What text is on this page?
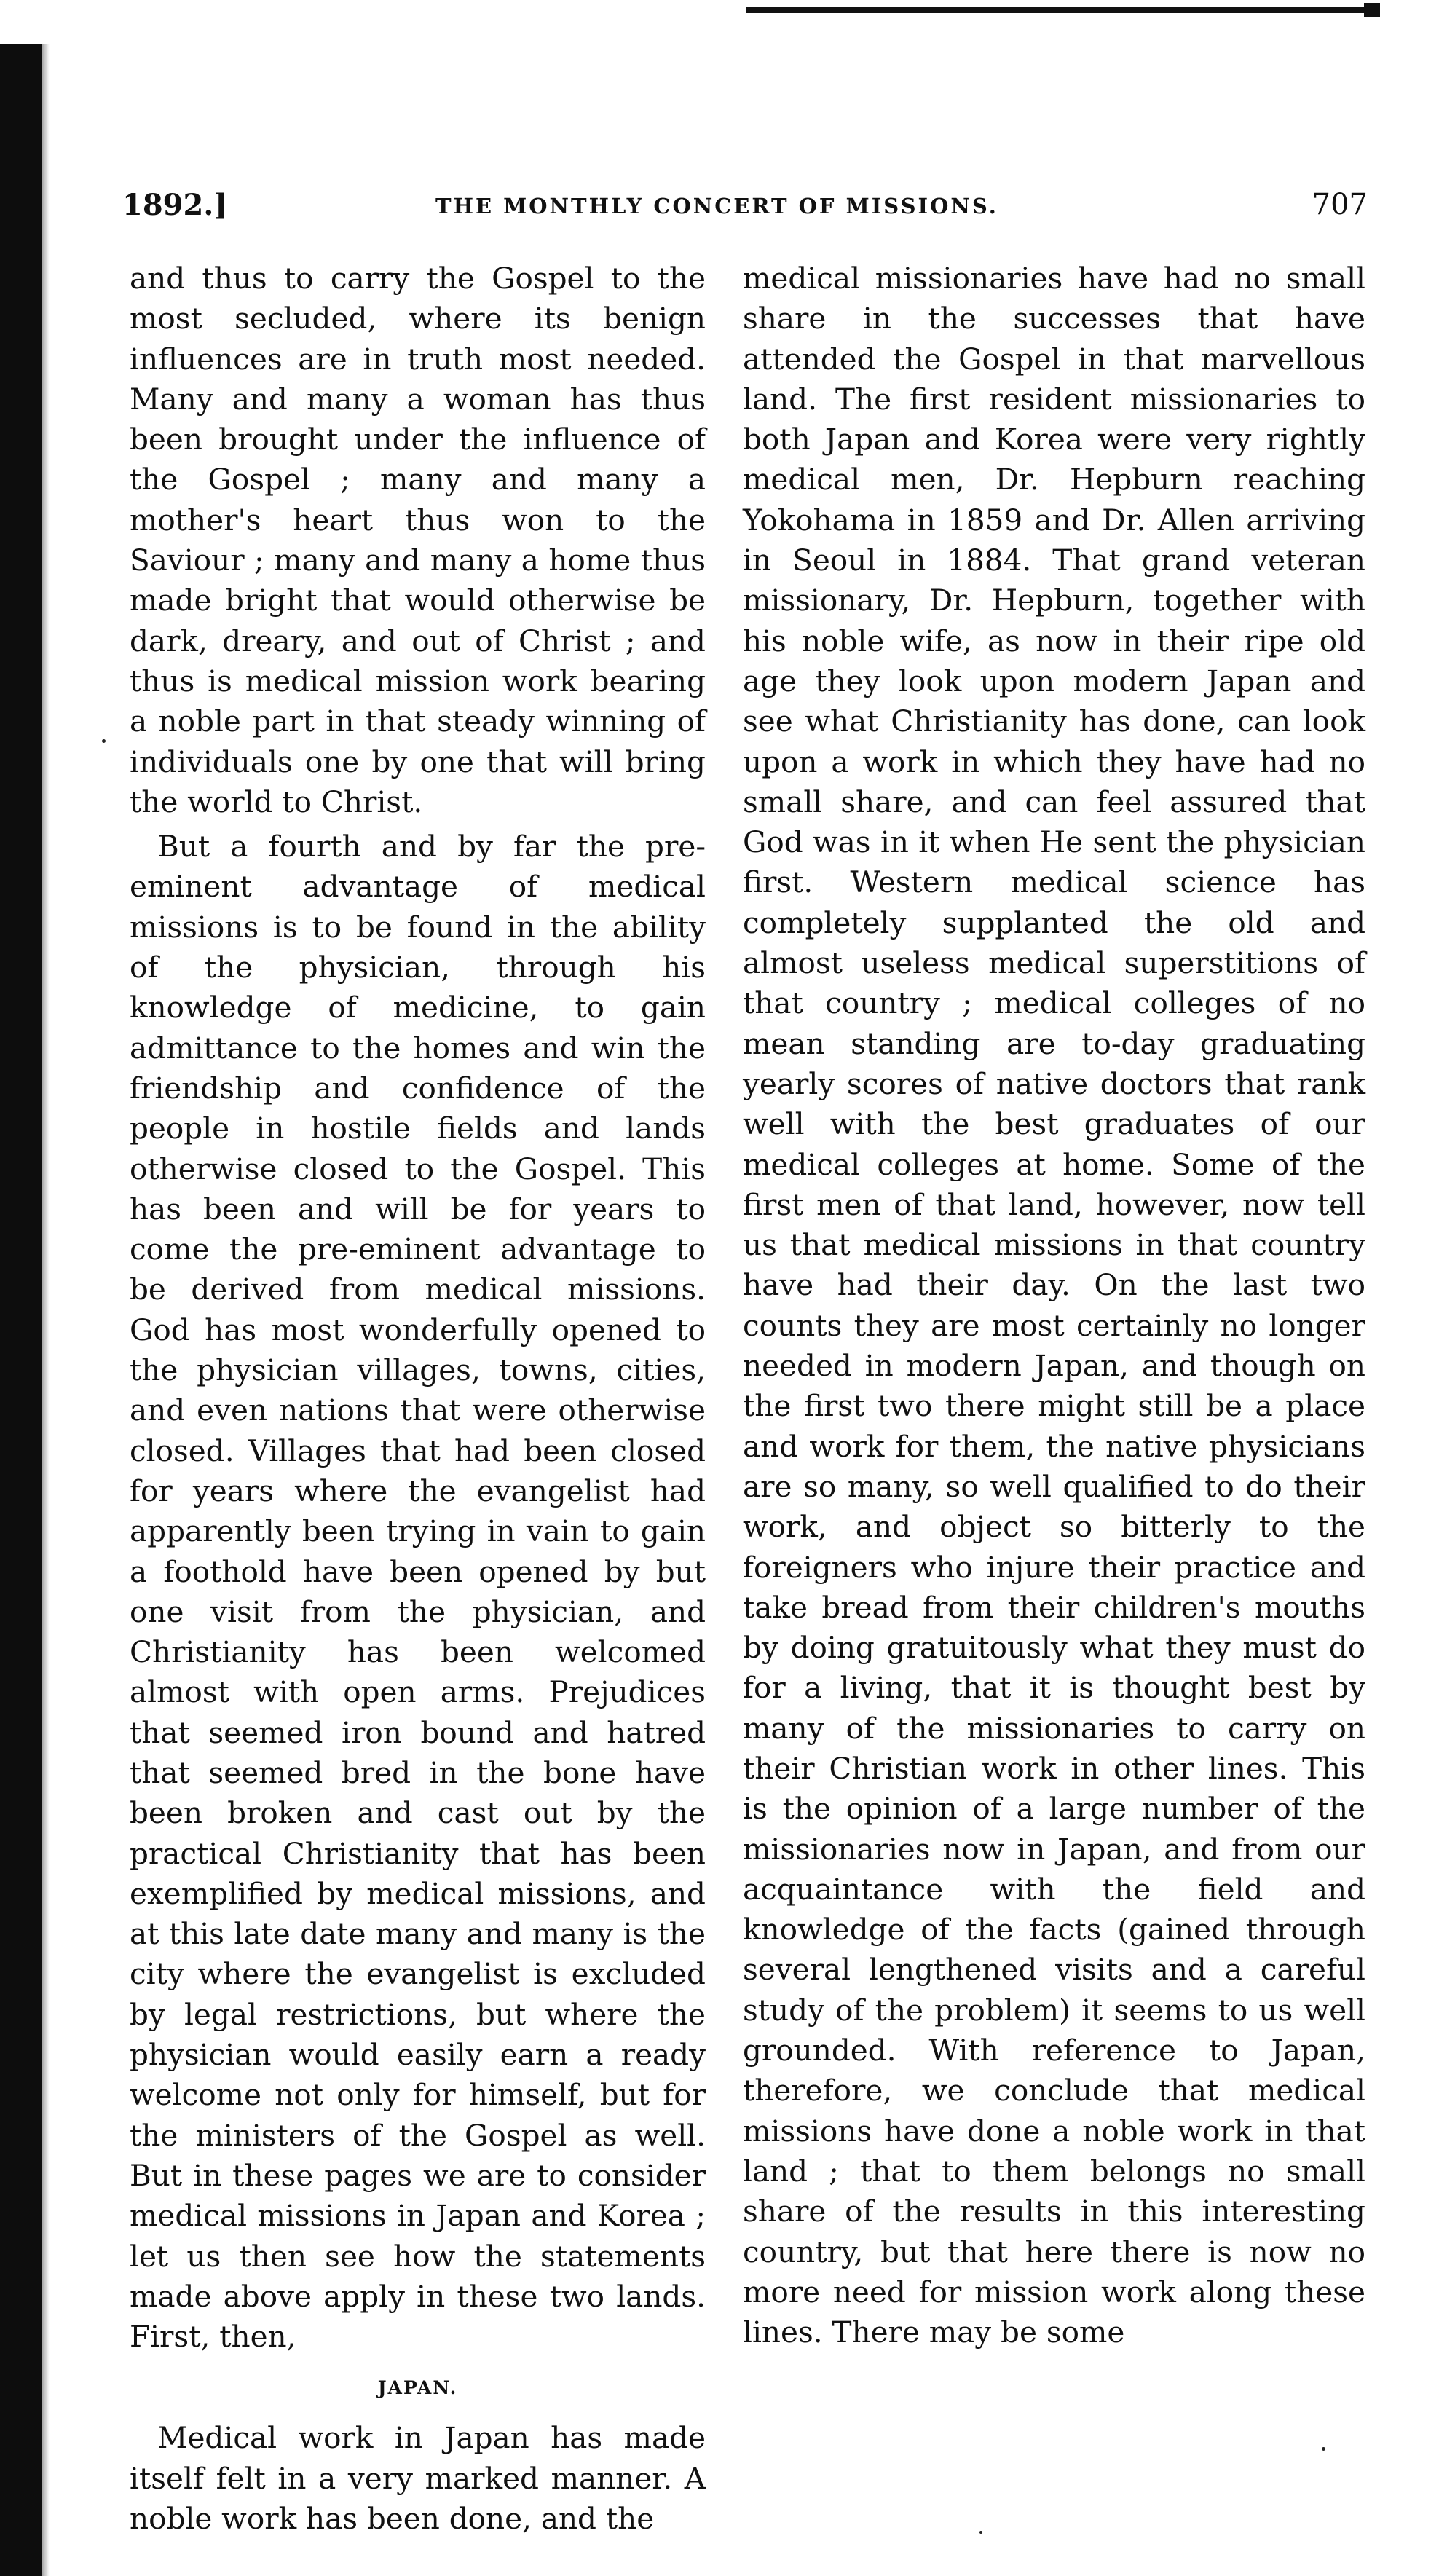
1892.]	THE MONTHLY CONCERT OF MISSIONS.	707

and thus to carry the Gospel to the most secluded, where its benign influences are in truth most needed. Many and many a woman has thus been brought under the influence of the Gospel ; many and many a mother's heart thus won to the Saviour ; many and many a home thus made bright that would otherwise be dark, dreary, and out of Christ ; and thus is medical mission work bearing a noble part in that steady winning of individuals one by one that will bring the world to Christ.

But a fourth and by far the pre-eminent advantage of medical missions is to be found in the ability of the physician, through his knowledge of medicine, to gain admittance to the homes and win the friendship and confidence of the people in hostile fields and lands otherwise closed to the Gospel. This has been and will be for years to come the pre-eminent advantage to be derived from medical missions. God has most wonderfully opened to the physician villages, towns, cities, and even nations that were otherwise closed. Villages that had been closed for years where the evangelist had apparently been trying in vain to gain a foothold have been opened by but one visit from the physician, and Christianity has been welcomed almost with open arms. Prejudices that seemed iron bound and hatred that seemed bred in the bone have been broken and cast out by the practical Christianity that has been exemplified by medical missions, and at this late date many and many is the city where the evangelist is excluded by legal restrictions, but where the physician would easily earn a ready welcome not only for himself, but for the ministers of the Gospel as well. But in these pages we are to consider medical missions in Japan and Korea ; let us then see how the statements made above apply in these two lands. First, then,

JAPAN.

Medical work in Japan has made itself felt in a very marked manner. A noble work has been done, and the

medical missionaries have had no small share in the successes that have attended the Gospel in that marvellous land. The first resident missionaries to both Japan and Korea were very rightly medical men, Dr. Hepburn reaching Yokohama in 1859 and Dr. Allen arriving in Seoul in 1884. That grand veteran missionary, Dr. Hepburn, together with his noble wife, as now in their ripe old age they look upon modern Japan and see what Christianity has done, can look upon a work in which they have had no small share, and can feel assured that God was in it when He sent the physician first. Western medical science has completely supplanted the old and almost useless medical superstitions of that country ; medical colleges of no mean standing are to-day graduating yearly scores of native doctors that rank well with the best graduates of our medical colleges at home. Some of the first men of that land, however, now tell us that medical missions in that country have had their day. On the last two counts they are most certainly no longer needed in modern Japan, and though on the first two there might still be a place and work for them, the native physicians are so many, so well qualified to do their work, and object so bitterly to the foreigners who injure their practice and take bread from their children's mouths by doing gratuitously what they must do for a living, that it is thought best by many of the missionaries to carry on their Christian work in other lines. This is the opinion of a large number of the missionaries now in Japan, and from our acquaintance with the field and knowledge of the facts (gained through several lengthened visits and a careful study of the problem) it seems to us well grounded. With reference to Japan, therefore, we conclude that medical missions have done a noble work in that land ; that to them belongs no small share of the results in this interesting country, but that here there is now no more need for mission work along these lines. There may be some
